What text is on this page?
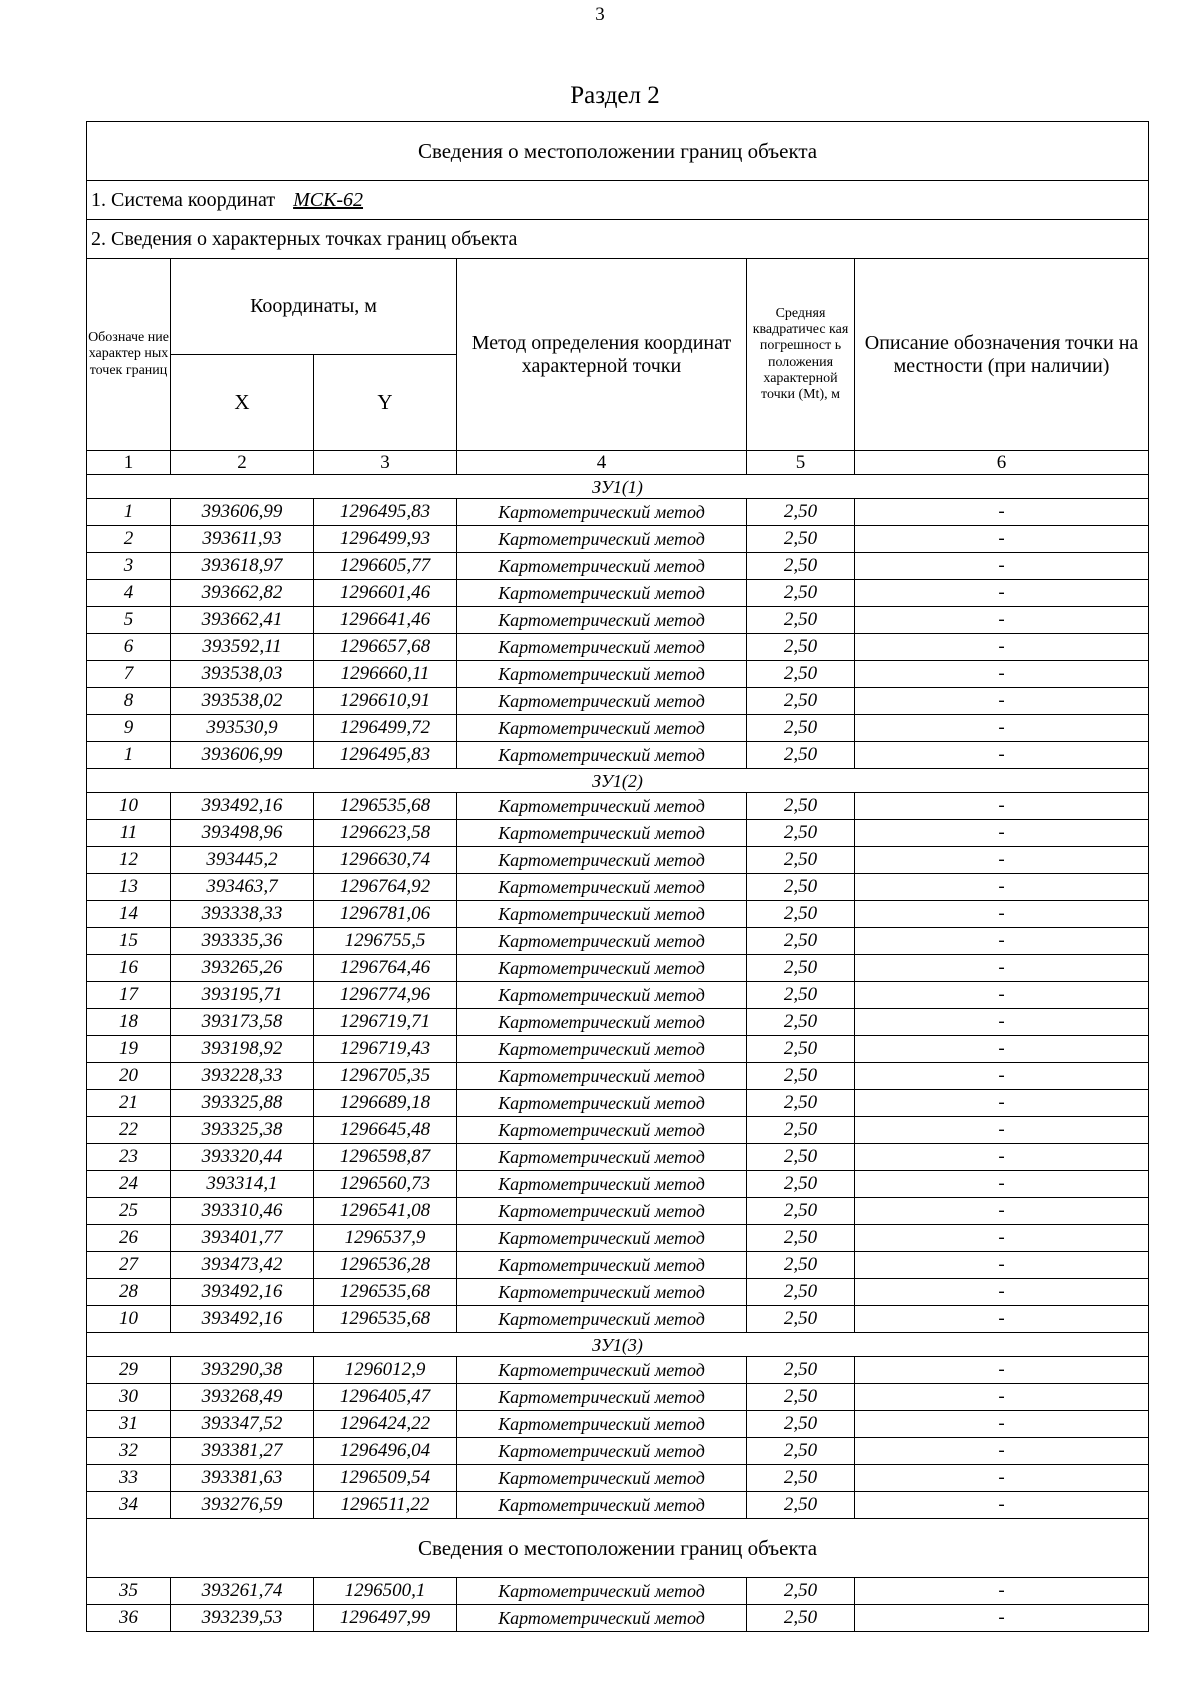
3
Раздел 2
Сведения о местоположении границ объекта					
1. Система координат МСК-62					
2. Сведения о характерных точках границ объекта					
Обозначе ние характер ных точек границ	Координаты, м		Метод определения координат характерной точки	Средняя квадратичес кая погрешност ь положения характерной точки (Mt), м	Описание обозначения точки на местности (при наличии)
	X	Y			
1	2	3	4	5	6
ЗУ1(1)					
1	393606,99	1296495,83	Картометрический метод	2,50	-
2	393611,93	1296499,93	Картометрический метод	2,50	-
3	393618,97	1296605,77	Картометрический метод	2,50	-
4	393662,82	1296601,46	Картометрический метод	2,50	-
5	393662,41	1296641,46	Картометрический метод	2,50	-
6	393592,11	1296657,68	Картометрический метод	2,50	-
7	393538,03	1296660,11	Картометрический метод	2,50	-
8	393538,02	1296610,91	Картометрический метод	2,50	-
9	393530,9	1296499,72	Картометрический метод	2,50	-
1	393606,99	1296495,83	Картометрический метод	2,50	-
ЗУ1(2)					
10	393492,16	1296535,68	Картометрический метод	2,50	-
11	393498,96	1296623,58	Картометрический метод	2,50	-
12	393445,2	1296630,74	Картометрический метод	2,50	-
13	393463,7	1296764,92	Картометрический метод	2,50	-
14	393338,33	1296781,06	Картометрический метод	2,50	-
15	393335,36	1296755,5	Картометрический метод	2,50	-
16	393265,26	1296764,46	Картометрический метод	2,50	-
17	393195,71	1296774,96	Картометрический метод	2,50	-
18	393173,58	1296719,71	Картометрический метод	2,50	-
19	393198,92	1296719,43	Картометрический метод	2,50	-
20	393228,33	1296705,35	Картометрический метод	2,50	-
21	393325,88	1296689,18	Картометрический метод	2,50	-
22	393325,38	1296645,48	Картометрический метод	2,50	-
23	393320,44	1296598,87	Картометрический метод	2,50	-
24	393314,1	1296560,73	Картометрический метод	2,50	-
25	393310,46	1296541,08	Картометрический метод	2,50	-
26	393401,77	1296537,9	Картометрический метод	2,50	-
27	393473,42	1296536,28	Картометрический метод	2,50	-
28	393492,16	1296535,68	Картометрический метод	2,50	-
10	393492,16	1296535,68	Картометрический метод	2,50	-
ЗУ1(3)					
29	393290,38	1296012,9	Картометрический метод	2,50	-
30	393268,49	1296405,47	Картометрический метод	2,50	-
31	393347,52	1296424,22	Картометрический метод	2,50	-
32	393381,27	1296496,04	Картометрический метод	2,50	-
33	393381,63	1296509,54	Картометрический метод	2,50	-
34	393276,59	1296511,22	Картометрический метод	2,50	-
Сведения о местоположении границ объекта					
35	393261,74	1296500,1	Картометрический метод	2,50	-
36	393239,53	1296497,99	Картометрический метод	2,50	-
